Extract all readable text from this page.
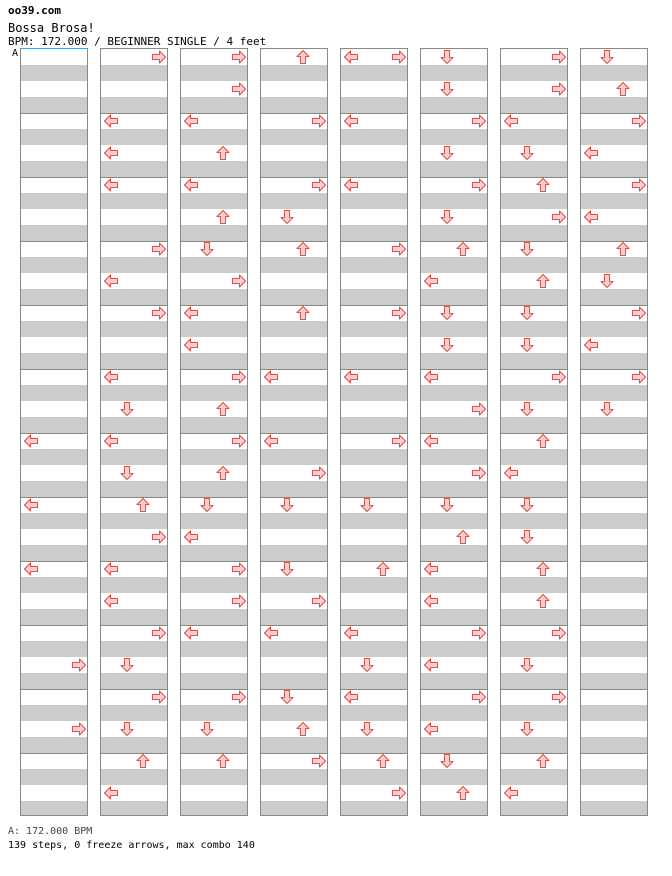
oo39.com
Bossa Brosa!
BPM: 172.000 / BEGINNER SINGLE / 4 feet
A
A: 172.000 BPM
139 steps, 0 freeze arrows, max combo 140
